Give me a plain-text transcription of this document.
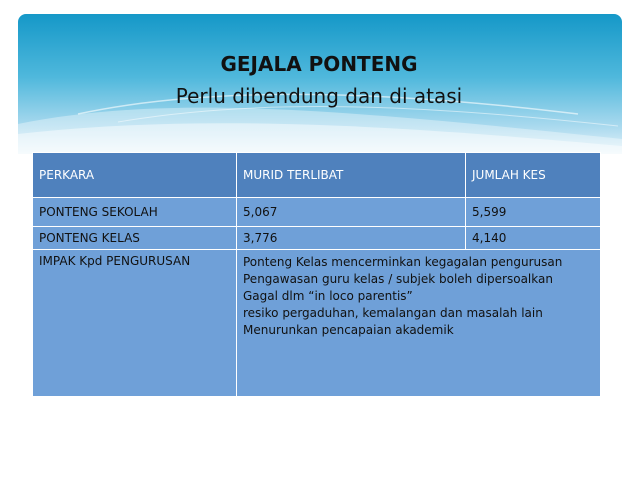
GEJALA PONTENG
Perlu dibendung dan di atasi
PERKARA	MURID TERLIBAT	JUMLAH KES
PONTENG SEKOLAH	5,067	5,599
PONTENG KELAS	3,776	4,140
IMPAK Kpd PENGURUSAN	Ponteng Kelas mencerminkan kegagalan pengurusan
Pengawasan guru kelas / subjek boleh dipersoalkan
Gagal dlm “in loco parentis”
resiko pergaduhan, kemalangan dan masalah lain
Menurunkan pencapaian akademik	
